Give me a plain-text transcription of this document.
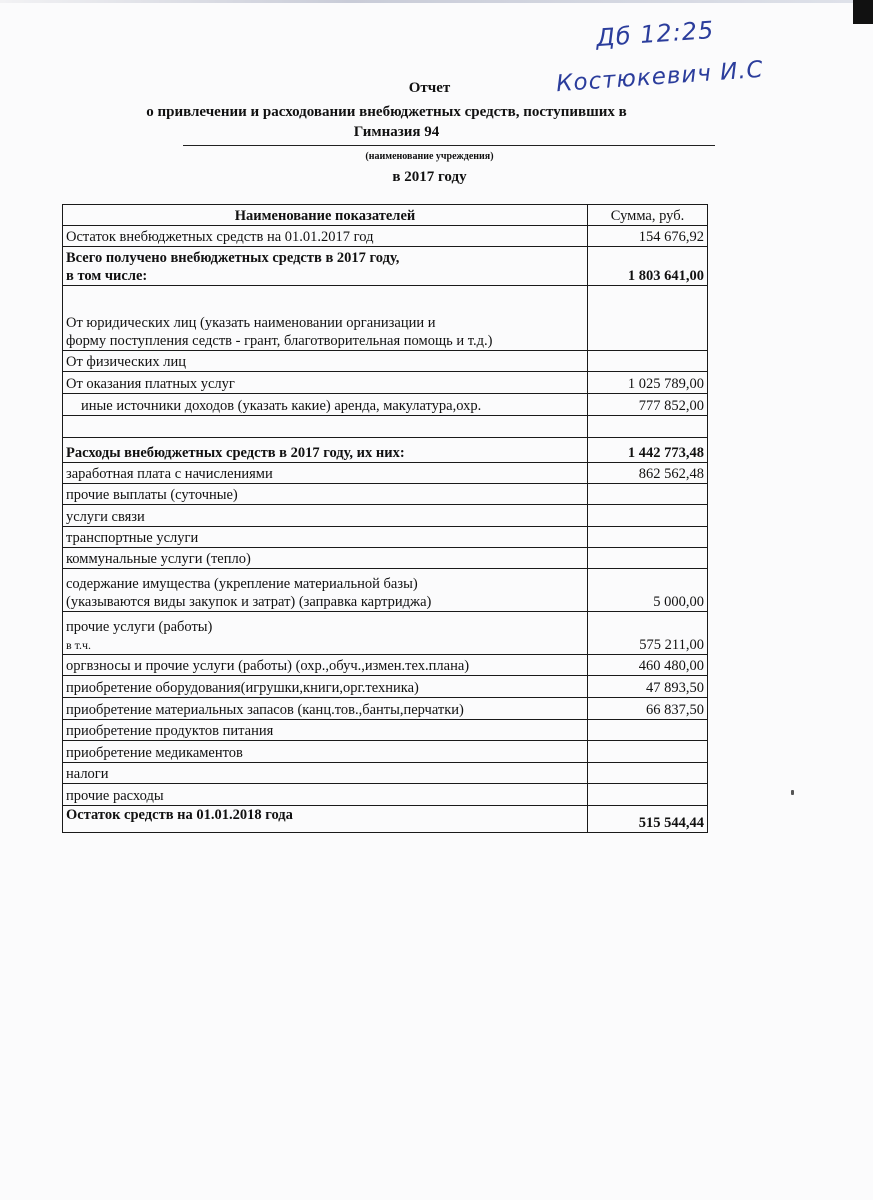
Дб 12:25
Костюкевич И.С
Отчет
о привлечении и расходовании внебюджетных средств, поступивших в
Гимназия 94
(наименование учреждения)
в 2017 году
Наименование показателей	Сумма, руб.
Остаток внебюджетных средств на 01.01.2017 год	154 676,92

Всего получено внебюджетных средств в 2017 году,
в том числе:	1 803 641,00

От юридических лиц (указать наименовании организации и
форму поступления седств - грант, благотворительная помощь и т.д.)	

От физических лиц	
От оказания платных услуг	1 025 789,00
иные источники доходов (указать какие) аренда, макулатура,охр.	777 852,00

Расходы внебюджетных средств в 2017 году, их них:	1 442 773,48
заработная плата с начислениями	862 562,48
прочие выплаты (суточные)	
услуги связи	
транспортные услуги	
коммунальные услуги (тепло)	

содержание имущества (укрепление материальной базы)
(указываются виды закупок и затрат) (заправка картриджа)	5 000,00

прочие услуги (работы)
в т.ч.	575 211,00
оргвзносы и прочие услуги (работы) (охр.,обуч.,измен.тех.плана)	460 480,00
приобретение оборудования(игрушки,книги,орг.техника)	47 893,50
приобретение материальных запасов (канц.тов.,банты,перчатки)	66 837,50
приобретение продуктов питания	
приобретение медикаментов	
налоги	
прочие расходы	
Остаток средств на 01.01.2018 года	515 544,44
